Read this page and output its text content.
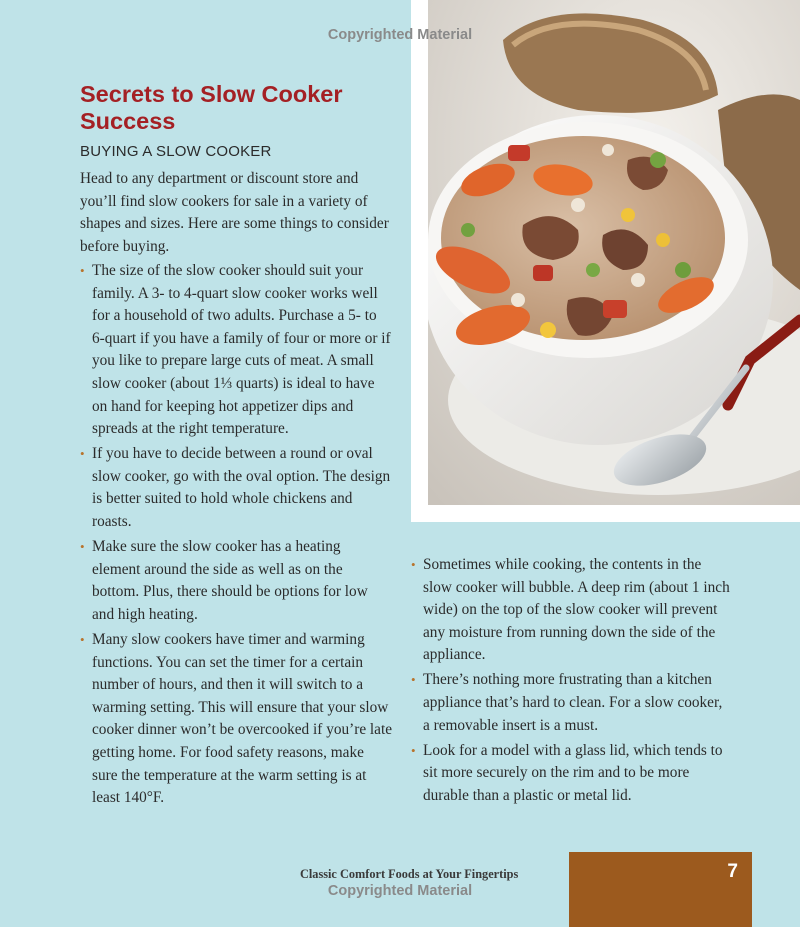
Copyrighted Material
Secrets to Slow Cooker Success
BUYING A SLOW COOKER

Head to any department or discount store and you’ll find slow cookers for sale in a variety of shapes and sizes. Here are some things to consider before buying.

• The size of the slow cooker should suit your family. A 3- to 4-quart slow cooker works well for a household of two adults. Purchase a 5- to 6-quart if you have a family of four or more or if you like to prepare large cuts of meat. A small slow cooker (about 1⅓ quarts) is ideal to have on hand for keeping hot appetizer dips and spreads at the right temperature.
• If you have to decide between a round or oval slow cooker, go with the oval option. The design is better suited to hold whole chickens and roasts.
• Make sure the slow cooker has a heating element around the side as well as on the bottom. Plus, there should be options for low and high heating.
• Many slow cookers have timer and warming functions. You can set the timer for a certain number of hours, and then it will switch to a warming setting. This will ensure that your slow cooker dinner won’t be overcooked if you’re late getting home. For food safety reasons, make sure the temperature at the warm setting is at least 140°F.
• Sometimes while cooking, the contents in the slow cooker will bubble. A deep rim (about 1 inch wide) on the top of the slow cooker will prevent any moisture from running down the side of the appliance.
• There’s nothing more frustrating than a kitchen appliance that’s hard to clean. For a slow cooker, a removable insert is a must.
• Look for a model with a glass lid, which tends to sit more securely on the rim and to be more durable than a plastic or metal lid.
Classic Comfort Foods at Your Fingertips	7
Copyrighted Material
